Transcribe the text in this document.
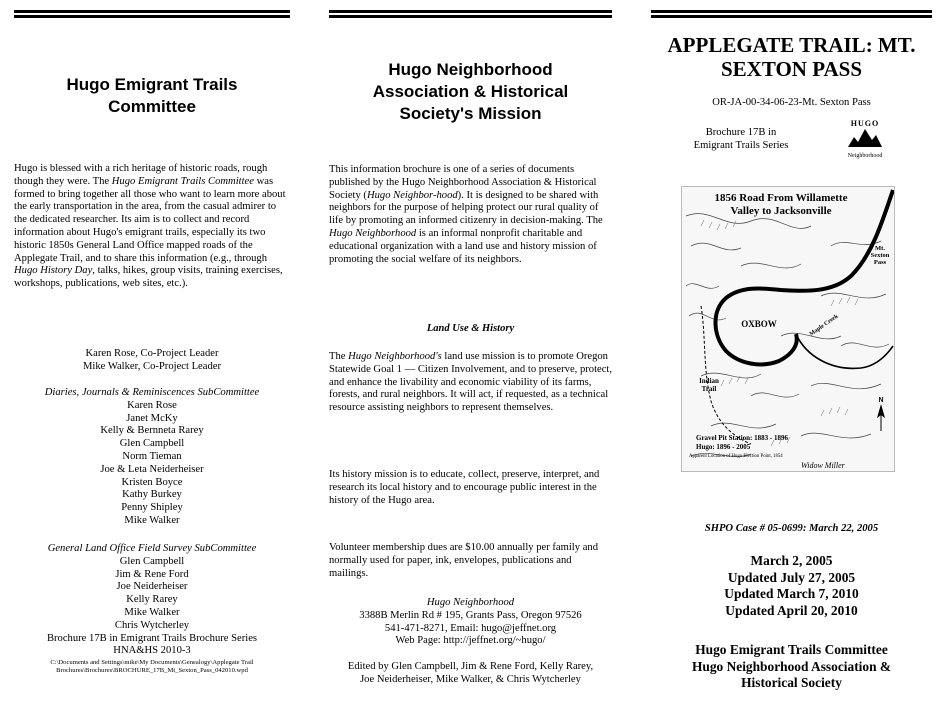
Hugo Emigrant Trails Committee

Hugo is blessed with a rich heritage of historic roads, rough though they were. The Hugo Emigrant Trails Committee was formed to bring together all those who want to learn more about the early transportation in the area, from the casual admirer to the dedicated researcher. Its aim is to collect and record information about Hugo's emigrant trails, especially its two historic 1850s General Land Office mapped roads of the Applegate Trail, and to share this information (e.g., through Hugo History Day, talks, hikes, group visits, training exercises, workshops, publications, web sites, etc.).

Karen Rose, Co-Project Leader
Mike Walker, Co-Project Leader
Diaries, Journals & Reminiscences SubCommittee
Karen Rose
Janet McKy
Kelly & Bernneta Rarey
Glen Campbell
Norm Tieman
Joe & Leta Neiderheiser
Kristen Boyce
Kathy Burkey
Penny Shipley
Mike Walker
General Land Office Field Survey SubCommittee
Glen Campbell
Jim & Rene Ford
Joe Neiderheiser
Kelly Rarey
Mike Walker
Chris Wytcherley
Brochure 17B in Emigrant Trails Brochure Series
HNA&HS 2010-3
C:\Documents and Settings\mike\My Documents\Genealogy\Applegate Trail
Brochures\Brochures\BROCHURE_17B_Mt_Sexton_Pass_042010.wpd
Hugo Neighborhood Association & Historical Society's Mission

This information brochure is one of a series of documents published by the Hugo Neighborhood Association & Historical Society (Hugo Neighbor-hood). It is designed to be shared with neighbors for the purpose of helping protect our rural quality of life by promoting an informed citizenry in decision-making. The Hugo Neighborhood is an informal nonprofit charitable and educational organization with a land use and history mission of promoting the social welfare of its neighbors.

Land Use & History

The Hugo Neighborhood's land use mission is to promote Oregon Statewide Goal 1 — Citizen Involvement, and to preserve, protect, and enhance the livability and economic viability of its farms, forests, and rural neighbors. It will act, if requested, as a technical resource assisting neighbors to represent themselves.

Its history mission is to educate, collect, preserve, interpret, and research its local history and to encourage public interest in the history of the Hugo area.

Volunteer membership dues are $10.00 annually per family and normally used for paper, ink, envelopes, publications and mailings.

Hugo Neighborhood
3388B Merlin Rd # 195, Grants Pass, Oregon 97526
541-471-8271, Email: hugo@jeffnet.org
Web Page: http://jeffnet.org/~hugo/
Edited by Glen Campbell, Jim & Rene Ford, Kelly Rarey,
Joe Neiderheiser, Mike Walker, & Chris Wytcherley
APPLEGATE TRAIL: MT.
SEXTON PASS
OR-JA-00-34-06-23-Mt. Sexton Pass
Brochure 17B in
Emigrant Trails Series
HUGO
Neighborhood
1856 Road From Willamette
Valley to Jacksonville
Mt. Sexton Pass
OXBOW	Maple Creek
Indian Trail
Gravel Pit Station: 1883 - 1896
Hugo: 1896 - 2005
Apparent Location of Hugo Election Point, 1854
Widow Miller
N
SHPO Case # 05-0699: March 22, 2005
March 2, 2005
Updated July 27, 2005
Updated March 7, 2010
Updated April 20, 2010
Hugo Emigrant Trails Committee
Hugo Neighborhood Association &
Historical Society
